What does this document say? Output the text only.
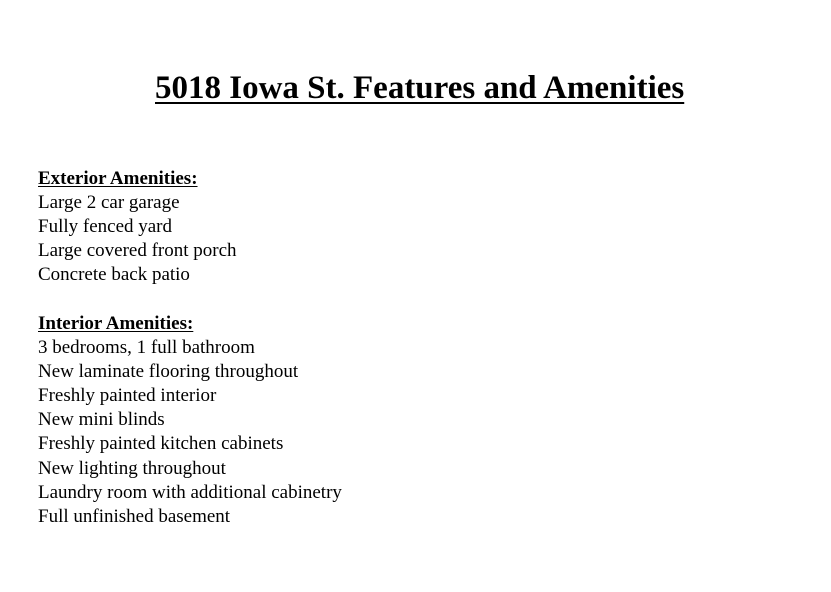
5018 Iowa St. Features and Amenities
Exterior Amenities:
Large 2 car garage
Fully fenced yard
Large covered front porch
Concrete back patio
Interior Amenities:
3 bedrooms, 1 full bathroom
New laminate flooring throughout
Freshly painted interior
New mini blinds
Freshly painted kitchen cabinets
New lighting throughout
Laundry room with additional cabinetry
Full unfinished basement
